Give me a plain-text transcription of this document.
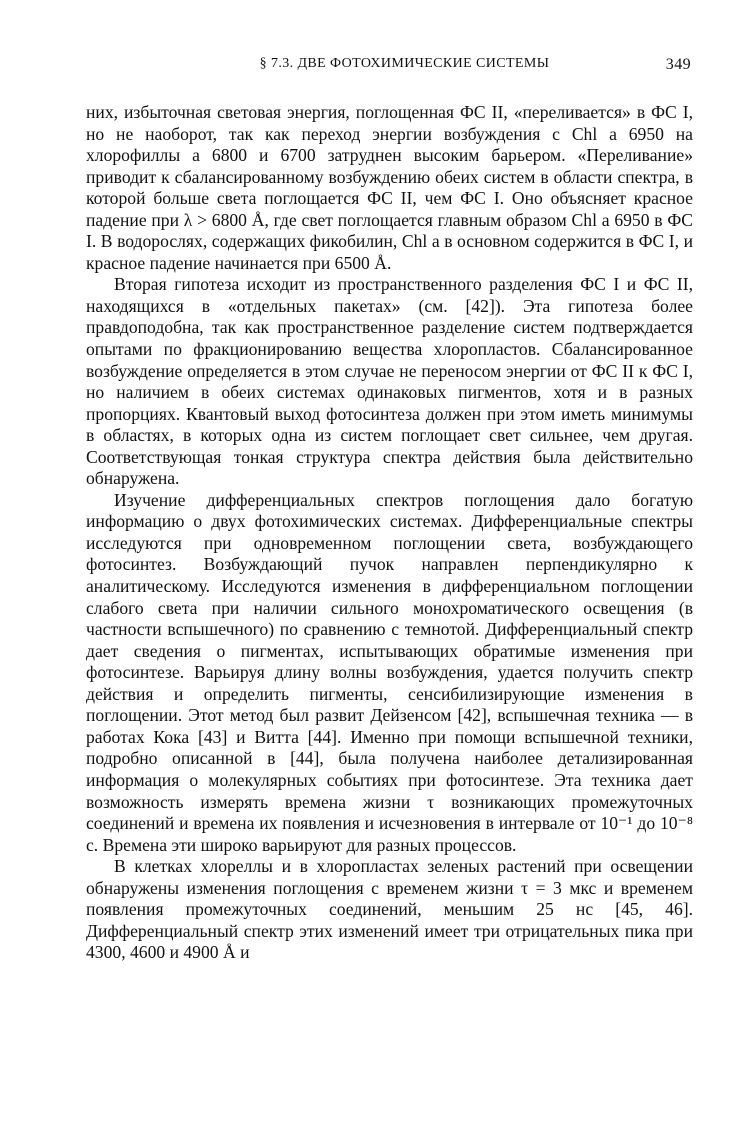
§ 7.3. ДВЕ ФОТОХИМИЧЕСКИЕ СИСТЕМЫ	349

них, избыточная световая энергия, поглощенная ФС II, «переливается» в ФС I, но не наоборот, так как переход энергии возбуждения с Chl a 6950 на хлорофиллы a 6800 и 6700 затруднен высоким барьером. «Переливание» приводит к сбалансированному возбуждению обеих систем в области спектра, в которой больше света поглощается ФС II, чем ФС I. Оно объясняет красное падение при λ > 6800 Å, где свет поглощается главным образом Chl a 6950 в ФС I. В водорослях, содержащих фикобилин, Chl a в основном содержится в ФС I, и красное падение начинается при 6500 Å.

Вторая гипотеза исходит из пространственного разделения ФС I и ФС II, находящихся в «отдельных пакетах» (см. [42]). Эта гипотеза более правдоподобна, так как пространственное разделение систем подтверждается опытами по фракционированию вещества хлоропластов. Сбалансированное возбуждение определяется в этом случае не переносом энергии от ФС II к ФС I, но наличием в обеих системах одинаковых пигментов, хотя и в разных пропорциях. Квантовый выход фотосинтеза должен при этом иметь минимумы в областях, в которых одна из систем поглощает свет сильнее, чем другая. Соответствующая тонкая структура спектра действия была действительно обнаружена.

Изучение дифференциальных спектров поглощения дало богатую информацию о двух фотохимических системах. Дифференциальные спектры исследуются при одновременном поглощении света, возбуждающего фотосинтез. Возбуждающий пучок направлен перпендикулярно к аналитическому. Исследуются изменения в дифференциальном поглощении слабого света при наличии сильного монохроматического освещения (в частности вспышечного) по сравнению с темнотой. Дифференциальный спектр дает сведения о пигментах, испытывающих обратимые изменения при фотосинтезе. Варьируя длину волны возбуждения, удается получить спектр действия и определить пигменты, сенсибилизирующие изменения в поглощении. Этот метод был развит Дейзенсом [42], вспышечная техника — в работах Кока [43] и Витта [44]. Именно при помощи вспышечной техники, подробно описанной в [44], была получена наиболее детализированная информация о молекулярных событиях при фотосинтезе. Эта техника дает возможность измерять времена жизни τ возникающих промежуточных соединений и времена их появления и исчезновения в интервале от 10⁻¹ до 10⁻⁸ с. Времена эти широко варьируют для разных процессов.

В клетках хлореллы и в хлоропластах зеленых растений при освещении обнаружены изменения поглощения с временем жизни τ = 3 мкс и временем появления промежуточных соединений, меньшим 25 нс [45, 46]. Дифференциальный спектр этих изменений имеет три отрицательных пика при 4300, 4600 и 4900 Å и
